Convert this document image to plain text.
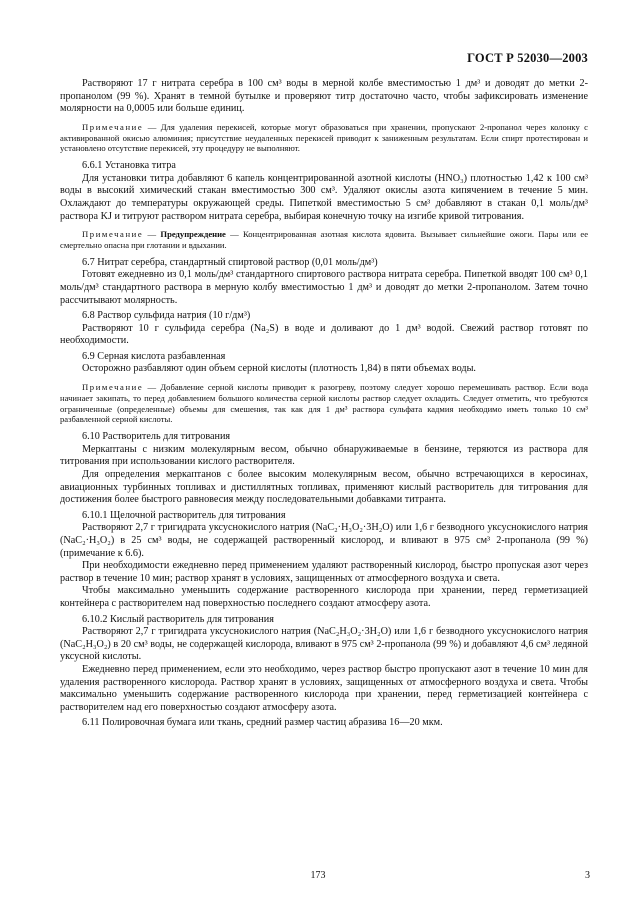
ГОСТ Р 52030—2003

Растворяют 17 г нитрата серебра в 100 см³ воды в мерной колбе вместимостью 1 дм³ и доводят до метки 2-пропанолом (99 %). Хранят в темной бутылке и проверяют титр достаточно часто, чтобы зафиксировать изменение молярности на 0,0005 или больше единиц.

Примечание — Для удаления перекисей, которые могут образоваться при хранении, пропускают 2-пропанол через колонку с активированной окисью алюминия; присутствие неудаленных перекисей приводит к заниженным результатам. Если спирт протестирован и установлено отсутствие перекисей, эту процедуру не выполняют.

6.6.1 Установка титра

Для установки титра добавляют 6 капель концентрированной азотной кислоты (HNO₃) плотностью 1,42 к 100 см³ воды в высокий химический стакан вместимостью 300 см³. Удаляют окислы азота кипячением в течение 5 мин. Охлаждают до температуры окружающей среды. Пипеткой вместимостью 5 см³ добавляют в стакан 0,1 моль/дм³ раствора KJ и титруют раствором нитрата серебра, выбирая конечную точку на изгибе кривой титрования.

Примечание — Предупреждение — Концентрированная азотная кислота ядовита. Вызывает сильнейшие ожоги. Пары или ее смертельно опасна при глотании и вдыхании.

6.7 Нитрат серебра, стандартный спиртовой раствор (0,01 моль/дм³)

Готовят ежедневно из 0,1 моль/дм³ стандартного спиртового раствора нитрата серебра. Пипеткой вводят 100 см³ 0,1 моль/дм³ стандартного раствора в мерную колбу вместимостью 1 дм³ и доводят до метки 2-пропанолом. Затем точно рассчитывают молярность.

6.8 Раствор сульфида натрия (10 г/дм³)

Растворяют 10 г сульфида серебра (Na₂S) в воде и доливают до 1 дм³ водой. Свежий раствор готовят по необходимости.

6.9 Серная кислота разбавленная

Осторожно разбавляют один объем серной кислоты (плотность 1,84) в пяти объемах воды.

Примечание — Добавление серной кислоты приводит к разогреву, поэтому следует хорошо перемешивать раствор. Если вода начинает закипать, то перед добавлением большого количества серной кислоты раствор следует охладить. Следует отметить, что требуются ограниченные (определенные) объемы для смешения, так как для 1 дм³ раствора сульфата кадмия необходимо иметь только 10 см³ разбавленной серной кислоты.

6.10 Растворитель для титрования

Меркаптаны с низким молекулярным весом, обычно обнаруживаемые в бензине, теряются из раствора для титрования при использовании кислого растворителя.

Для определения меркаптанов с более высоким молекулярным весом, обычно встречающихся в керосинах, авиационных турбинных топливах и дистиллятных топливах, применяют кислый растворитель для титрования для достижения более быстрого равновесия между последовательными добавками титранта.

6.10.1 Щелочной растворитель для титрования

Растворяют 2,7 г тригидрата уксуснокислого натрия (NaC₂·H₃O₂·3H₂O) или 1,6 г безводного уксуснокислого натрия (NaC₂·H₃O₂) в 25 см³ воды, не содержащей растворенный кислород, и вливают в 975 см³ 2-пропанола (99 %) (примечание к 6.6).

При необходимости ежедневно перед применением удаляют растворенный кислород, быстро пропуская азот через раствор в течение 10 мин; раствор хранят в условиях, защищенных от атмосферного воздуха и света.

Чтобы максимально уменьшить содержание растворенного кислорода при хранении, перед герметизацией контейнера с растворителем над поверхностью последнего создают атмосферу азота.

6.10.2 Кислый растворитель для титрования

Растворяют 2,7 г тригидрата уксуснокислого натрия (NaC₂H₃O₂·3H₂O) или 1,6 г безводного уксуснокислого натрия (NaC₂H₃O₂) в 20 см³ воды, не содержащей кислорода, вливают в 975 см³ 2-пропанола (99 %) и добавляют 4,6 см³ ледяной уксусной кислоты.

Ежедневно перед применением, если это необходимо, через раствор быстро пропускают азот в течение 10 мин для удаления растворенного кислорода. Раствор хранят в условиях, защищенных от атмосферного воздуха и света. Чтобы максимально уменьшить содержание растворенного кислорода при хранении, перед герметизацией контейнера с растворителем над его поверхностью создают атмосферу азота.

6.11 Полировочная бумага или ткань, средний размер частиц абразива 16—20 мкм.

173	3
